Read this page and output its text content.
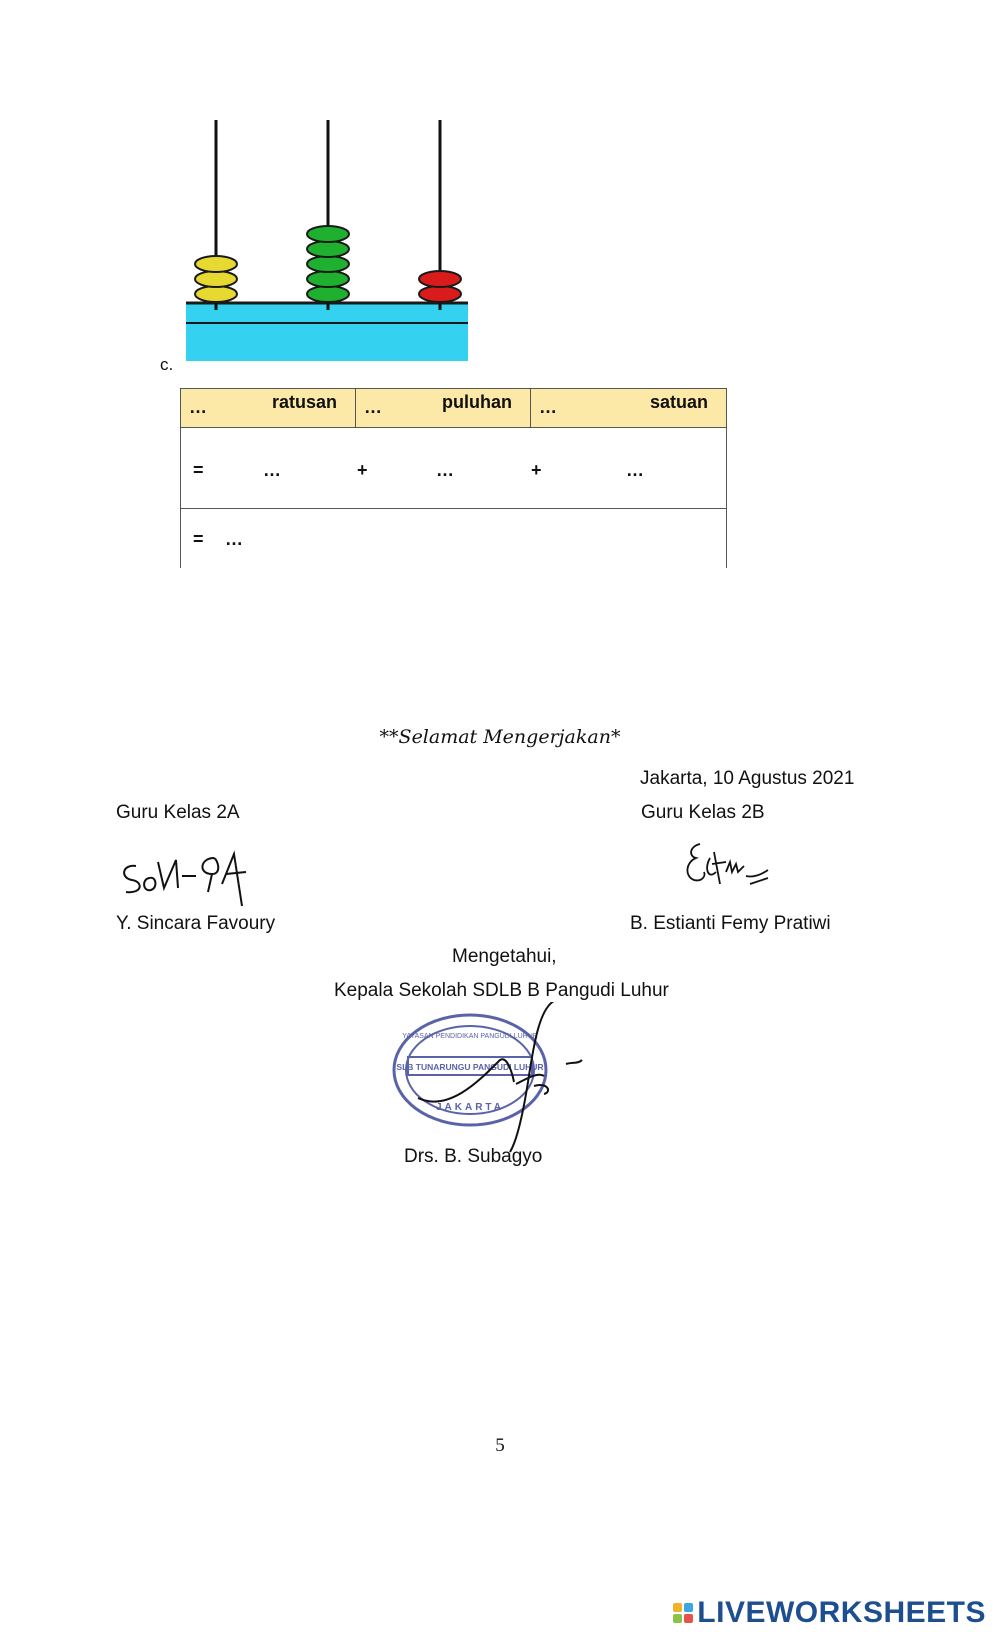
c.
…	ratusan …	puluhan …	satuan
=	…	+	…	+	…
= …
**Selamat Mengerjakan*
Jakarta, 10 Agustus 2021
Guru Kelas 2A	Guru Kelas 2B
Y. Sincara Favoury	B. Estianti Femy Pratiwi
Mengetahui,
Kepala Sekolah SDLB B Pangudi Luhur
SLB TUNARUNGU PANGUDI LUHUR
YAYASAN PENDIDIKAN PANGUDI LUHUR
JAKARTA
Drs. B. Subagyo
5
LIVEWORKSHEETS
